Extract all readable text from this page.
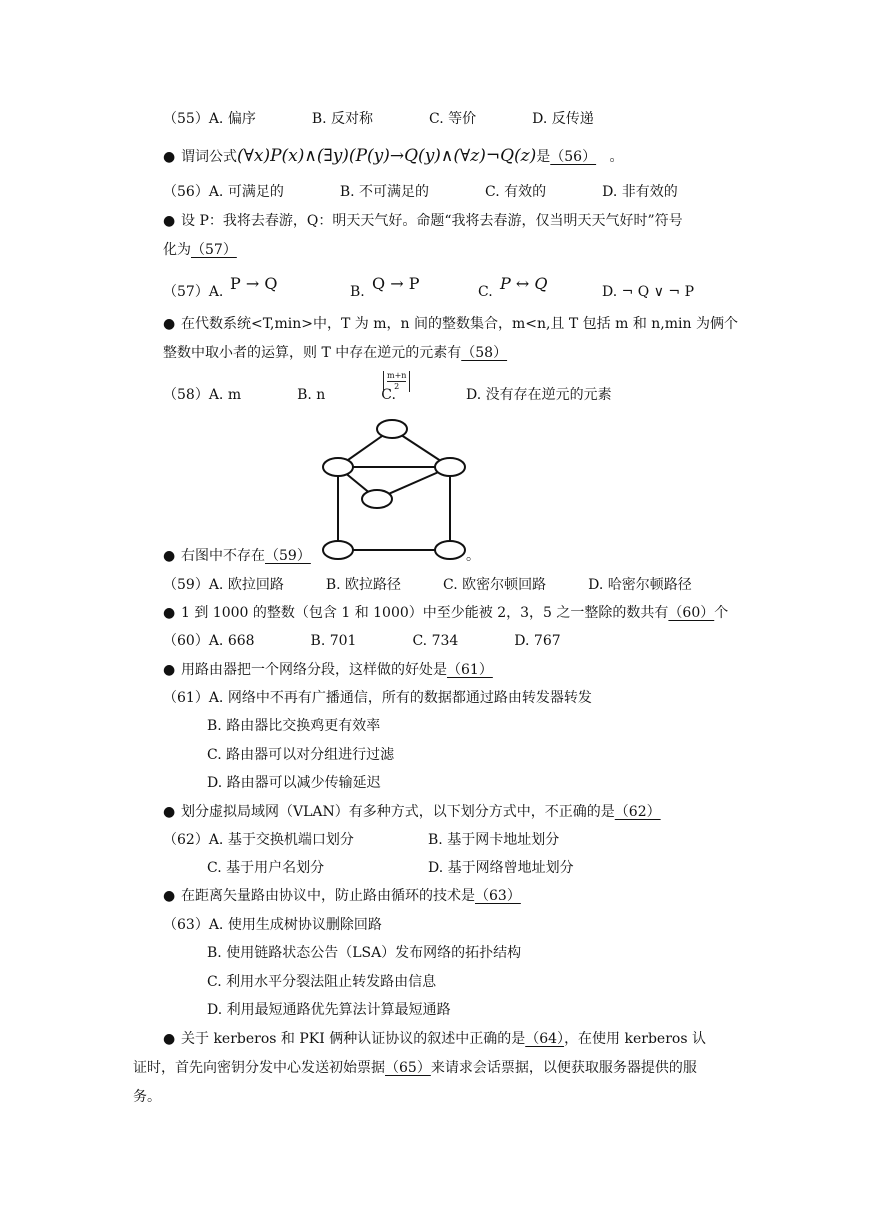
（55）A. 偏序　　　　B. 反对称　　　　C. 等价　　　　D. 反传递
● 谓词公式(∀x)P(x)∧(∃y)(P(y)→Q(y)∧(∀z)¬Q(z)是（56） 。
（56）A. 可满足的　　　　B. 不可满足的　　　　C. 有效的　　　　D. 非有效的
● 设 P：我将去春游，Q：明天天气好。命题“我将去春游，仅当明天天气好时”符号
化为（57）
（57）A. P → Q	B. Q → P	C. P ↔ Q	D. ¬ Q ∨ ¬ P
● 在代数系统<T,min>中，T 为 m，n 间的整数集合，m<n,且 T 包括 m 和 n,min 为俩个
整数中取小者的运算，则 T 中存在逆元的元素有（58）
（58）A. m　　　　B. n　　　　C.
$\frac{m+n}{2}$
D. 没有存在逆元的元素
● 右图中不存在（59）	。
（59）A. 欧拉回路　　　B. 欧拉路径　　　C. 欧密尔顿回路　　　D. 哈密尔顿路径
● 1 到 1000 的整数（包含 1 和 1000）中至少能被 2，3，5 之一整除的数共有（60）个
（60）A. 668　　　　B. 701　　　　C. 734　　　　D. 767
● 用路由器把一个网络分段，这样做的好处是（61）
（61）A. 网络中不再有广播通信，所有的数据都通过路由转发器转发
B. 路由器比交换鸡更有效率
C. 路由器可以对分组进行过滤
D. 路由器可以减少传输延迟
● 划分虚拟局域网（VLAN）有多种方式，以下划分方式中，不正确的是（62）
（62）A. 基于交换机端口划分	B. 基于网卡地址划分
C. 基于用户名划分	D. 基于网络曾地址划分
● 在距离矢量路由协议中，防止路由循环的技术是（63）
（63）A. 使用生成树协议删除回路
B. 使用链路状态公告（LSA）发布网络的拓扑结构
C. 利用水平分裂法阻止转发路由信息
D. 利用最短通路优先算法计算最短通路
● 关于 kerberos 和 PKI 俩种认证协议的叙述中正确的是（64），在使用 kerberos 认
证时，首先向密钥分发中心发送初始票据（65）来请求会话票据，以便获取服务器提供的服
务。
